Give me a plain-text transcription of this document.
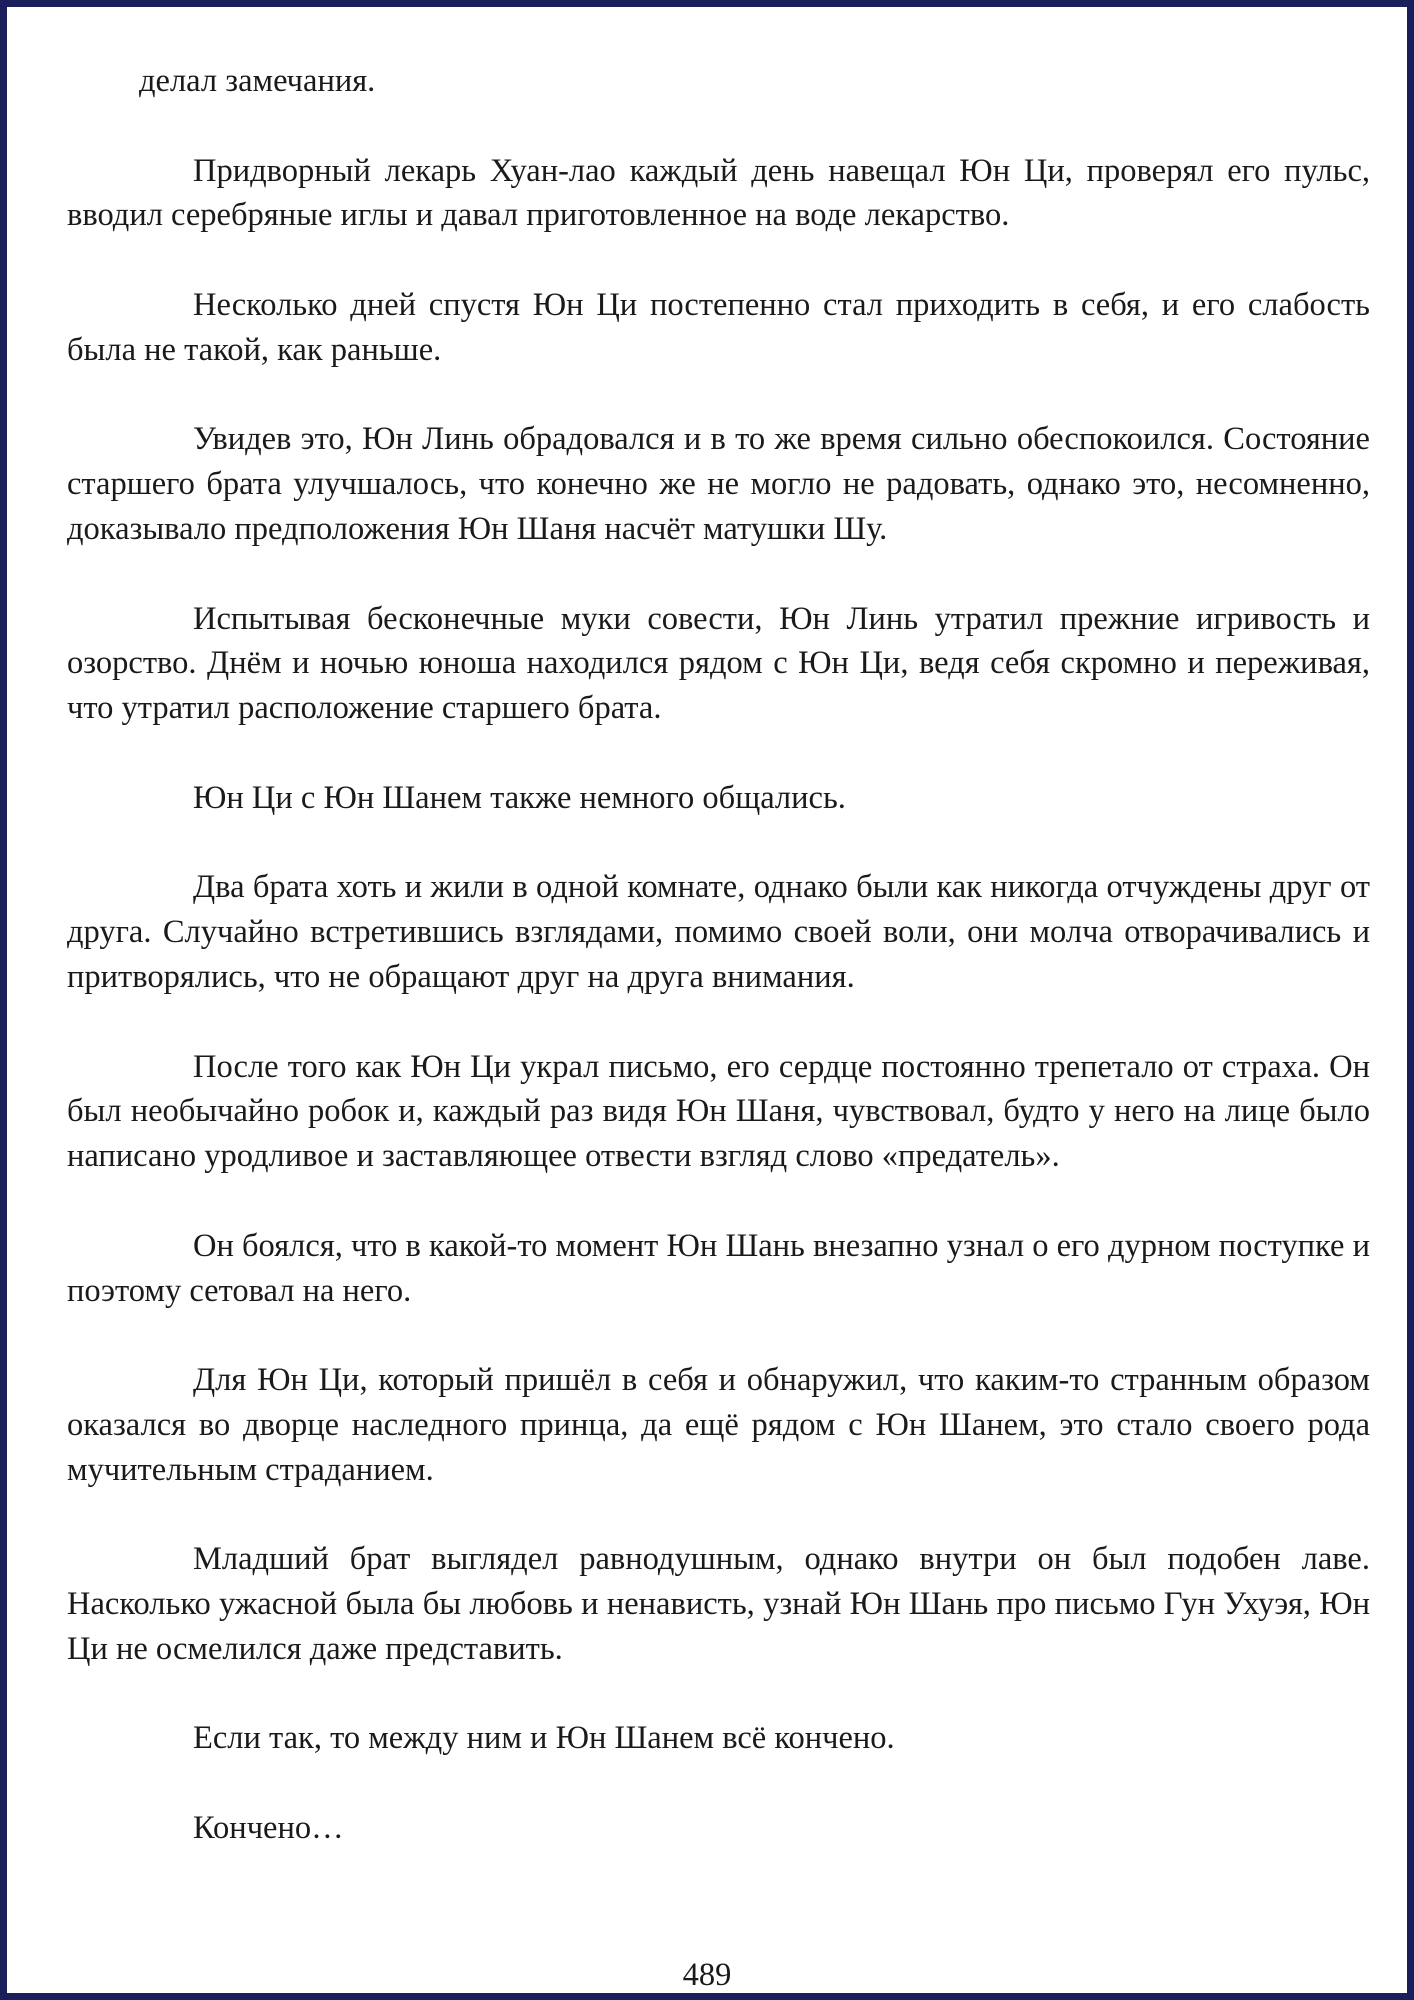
делал замечания.

Придворный лекарь Хуан-лао каждый день навещал Юн Ци, проверял его пульс, вводил серебряные иглы и давал приготовленное на воде лекарство.

Несколько дней спустя Юн Ци постепенно стал приходить в себя, и его слабость была не такой, как раньше.

Увидев это, Юн Линь обрадовался и в то же время сильно обеспокоился. Состояние старшего брата улучшалось, что конечно же не могло не радовать, однако это, несомненно, доказывало предположения Юн Шаня насчёт матушки Шу.

Испытывая бесконечные муки совести, Юн Линь утратил прежние игривость и озорство. Днём и ночью юноша находился рядом с Юн Ци, ведя себя скромно и переживая, что утратил расположение старшего брата.

Юн Ци с Юн Шанем также немного общались.

Два брата хоть и жили в одной комнате, однако были как никогда отчуждены друг от друга. Случайно встретившись взглядами, помимо своей воли, они молча отворачивались и притворялись, что не обращают друг на друга внимания.

После того как Юн Ци украл письмо, его сердце постоянно трепетало от страха. Он был необычайно робок и, каждый раз видя Юн Шаня, чувствовал, будто у него на лице было написано уродливое и заставляющее отвести взгляд слово «предатель».

Он боялся, что в какой-то момент Юн Шань внезапно узнал о его дурном поступке и поэтому сетовал на него.

Для Юн Ци, который пришёл в себя и обнаружил, что каким-то странным образом оказался во дворце наследного принца, да ещё рядом с Юн Шанем, это стало своего рода мучительным страданием.

Младший брат выглядел равнодушным, однако внутри он был подобен лаве. Насколько ужасной была бы любовь и ненависть, узнай Юн Шань про письмо Гун Ухуэя, Юн Ци не осмелился даже представить.

Если так, то между ним и Юн Шанем всё кончено.

Кончено…

489
